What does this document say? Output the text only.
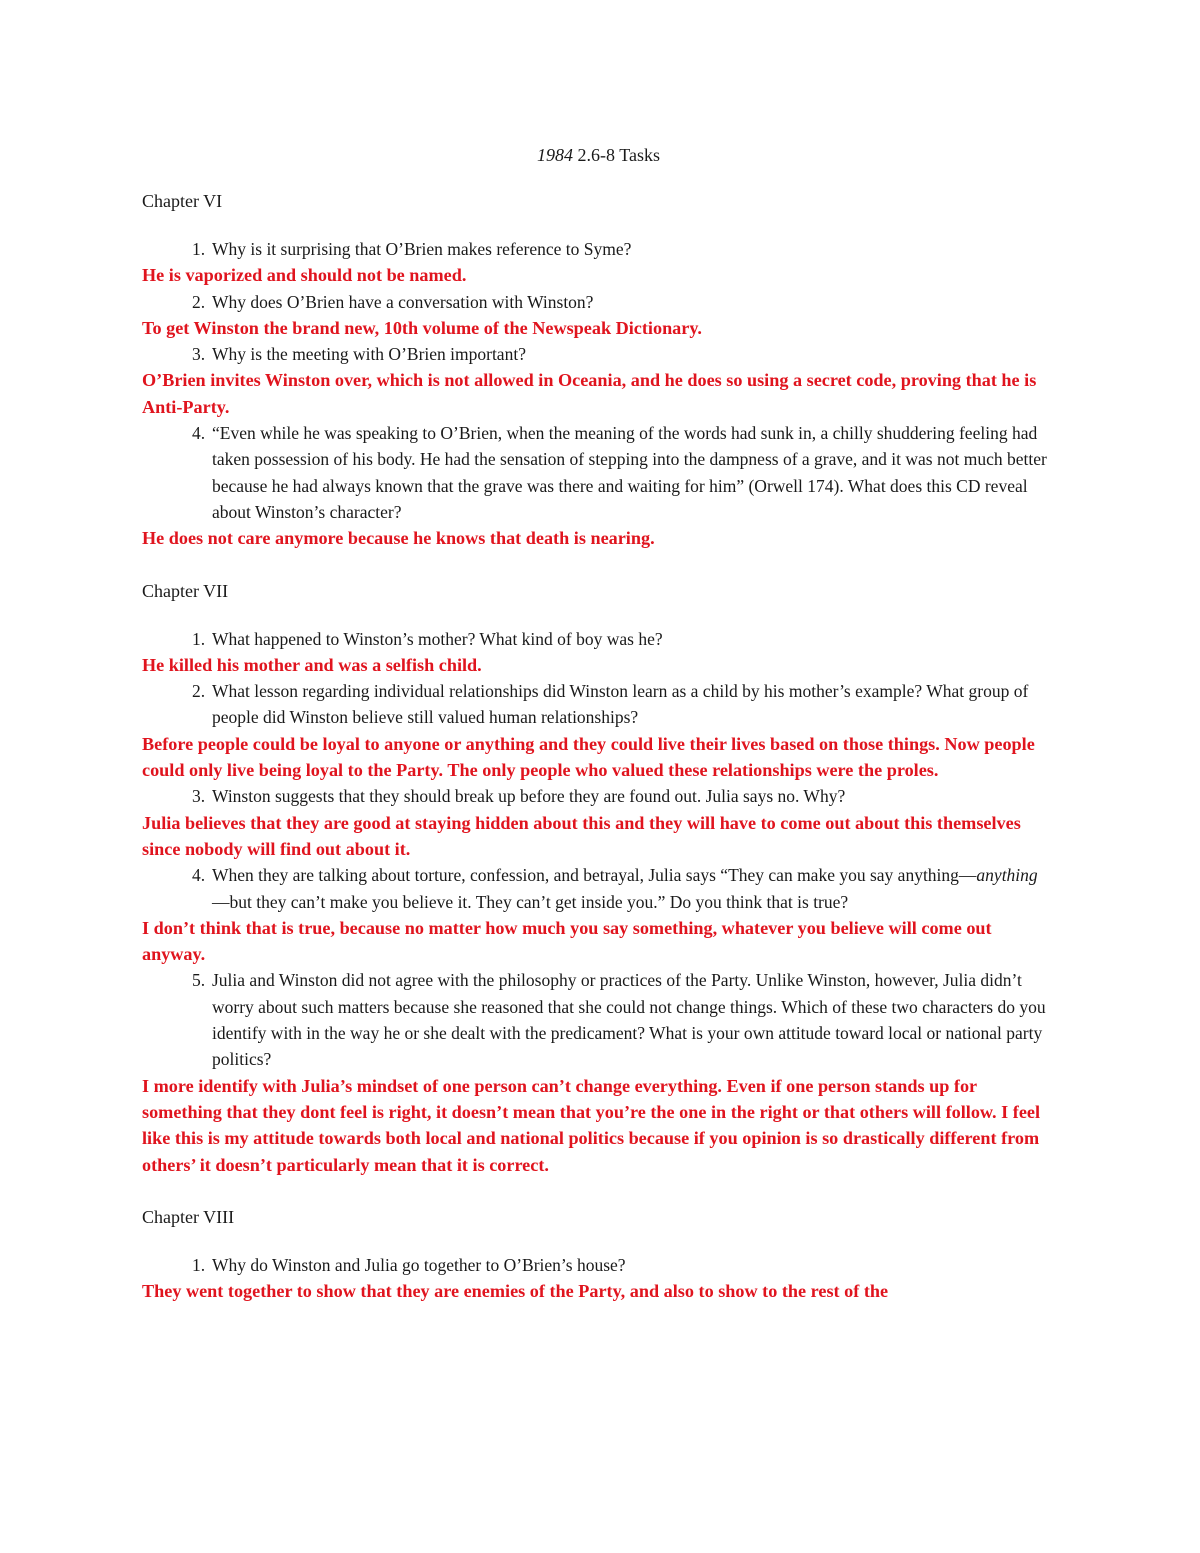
1984 2.6-8 Tasks
Chapter VI
1. Why is it surprising that O’Brien makes reference to Syme?

He is vaporized and should not be named.

2. Why does O’Brien have a conversation with Winston?

To get Winston the brand new, 10th volume of the Newspeak Dictionary.

3. Why is the meeting with O’Brien important?

O’Brien invites Winston over, which is not allowed in Oceania, and he does so using a secret code, proving that he is Anti-Party.

4. “Even while he was speaking to O’Brien, when the meaning of the words had sunk in, a chilly shuddering feeling had taken possession of his body. He had the sensation of stepping into the dampness of a grave, and it was not much better because he had always known that the grave was there and waiting for him” (Orwell 174). What does this CD reveal about Winston’s character?

He does not care anymore because he knows that death is nearing.

Chapter VII
1. What happened to Winston’s mother? What kind of boy was he?

He killed his mother and was a selfish child.

2. What lesson regarding individual relationships did Winston learn as a child by his mother’s example? What group of people did Winston believe still valued human relationships?

Before people could be loyal to anyone or anything and they could live their lives based on those things. Now people could only live being loyal to the Party. The only people who valued these relationships were the proles.

3. Winston suggests that they should break up before they are found out. Julia says no. Why?

Julia believes that they are good at staying hidden about this and they will have to come out about this themselves since nobody will find out about it.

4. When they are talking about torture, confession, and betrayal, Julia says “They can make you say anything—anything—but they can’t make you believe it. They can’t get inside you.” Do you think that is true?

I don’t think that is true, because no matter how much you say something, whatever you believe will come out anyway.

5. Julia and Winston did not agree with the philosophy or practices of the Party. Unlike Winston, however, Julia didn’t worry about such matters because she reasoned that she could not change things. Which of these two characters do you identify with in the way he or she dealt with the predicament? What is your own attitude toward local or national party politics?

I more identify with Julia’s mindset of one person can’t change everything. Even if one person stands up for something that they dont feel is right, it doesn’t mean that you’re the one in the right or that others will follow. I feel like this is my attitude towards both local and national politics because if you opinion is so drastically different from others’ it doesn’t particularly mean that it is correct.

Chapter VIII
1. Why do Winston and Julia go together to O’Brien’s house?

They went together to show that they are enemies of the Party, and also to show to the rest of the
